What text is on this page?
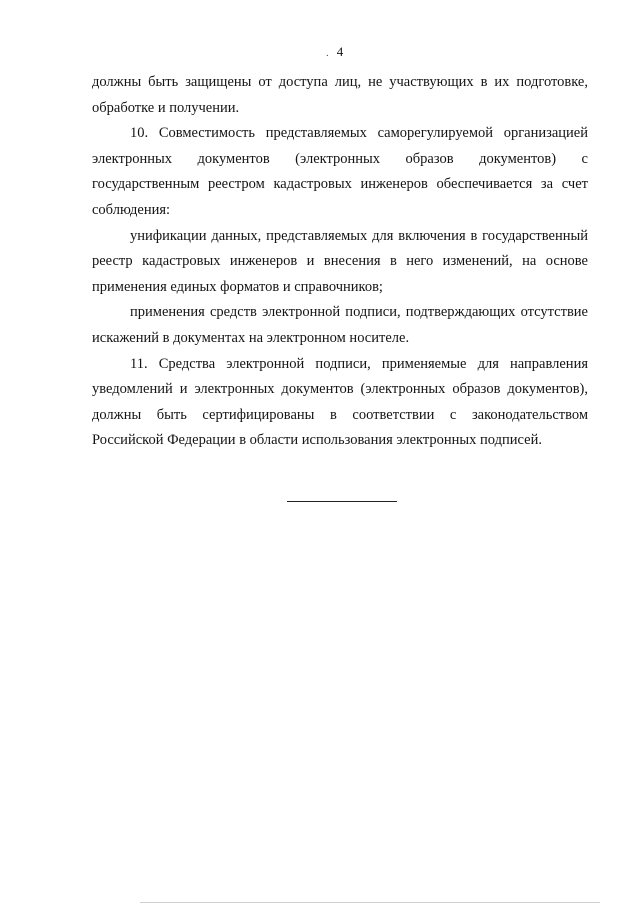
. 4

должны быть защищены от доступа лиц, не участвующих в их подготовке, обработке и получении.

10. Совместимость представляемых саморегулируемой организацией электронных документов (электронных образов документов) с государственным реестром кадастровых инженеров обеспечивается за счет соблюдения:

унификации данных, представляемых для включения в государственный реестр кадастровых инженеров и внесения в него изменений, на основе применения единых форматов и справочников;

применения средств электронной подписи, подтверждающих отсутствие искажений в документах на электронном носителе.

11. Средства электронной подписи, применяемые для направления уведомлений и электронных документов (электронных образов документов), должны быть сертифицированы в соответствии с законодательством Российской Федерации в области использования электронных подписей.
